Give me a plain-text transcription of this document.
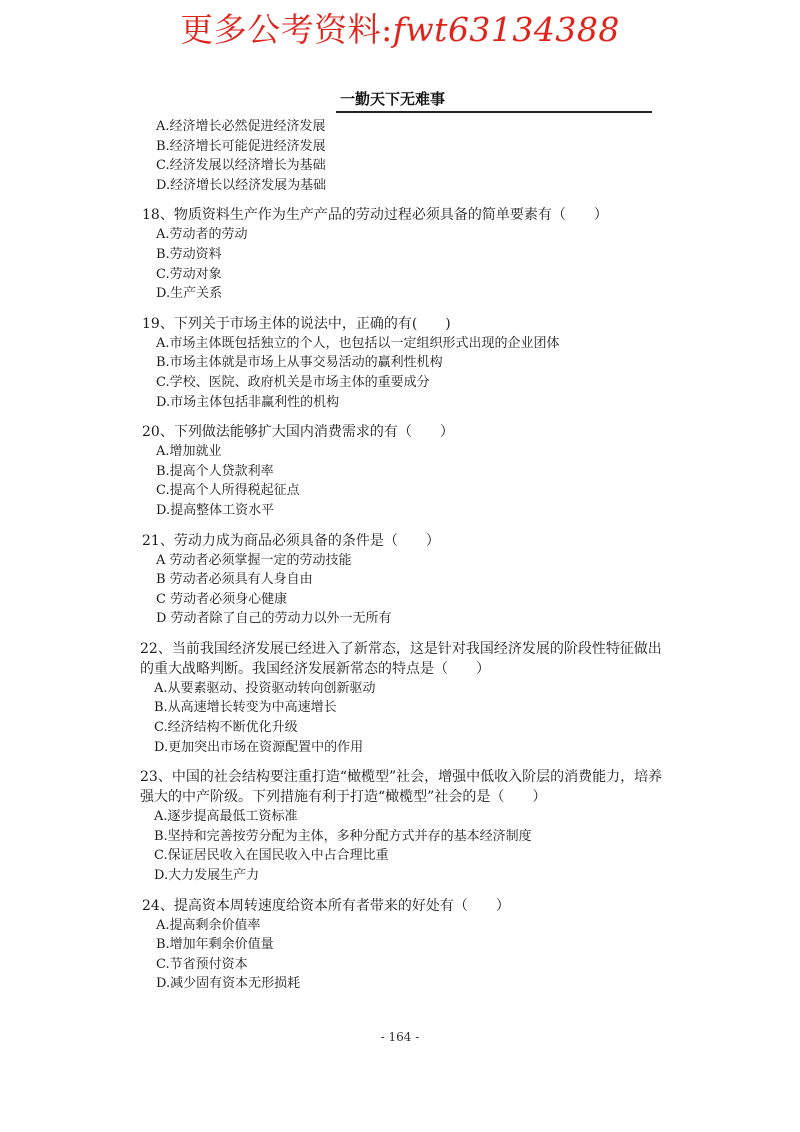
更多公考资料:fwt63134388
一勤天下无难事
A.经济增长必然促进经济发展
B.经济增长可能促进经济发展
C.经济发展以经济增长为基础
D.经济增长以经济发展为基础
18、物质资料生产作为生产产品的劳动过程必须具备的简单要素有（　　）
A.劳动者的劳动
B.劳动资料
C.劳动对象
D.生产关系
19、下列关于市场主体的说法中，正确的有(　　)
A.市场主体既包括独立的个人，也包括以一定组织形式出现的企业团体
B.市场主体就是市场上从事交易活动的赢利性机构
C.学校、医院、政府机关是市场主体的重要成分
D.市场主体包括非赢利性的机构
20、下列做法能够扩大国内消费需求的有（　　）
A.增加就业
B.提高个人贷款利率
C.提高个人所得税起征点
D.提高整体工资水平
21、劳动力成为商品必须具备的条件是（　　）
A 劳动者必须掌握一定的劳动技能
B 劳动者必须具有人身自由
C 劳动者必须身心健康
D 劳动者除了自己的劳动力以外一无所有
22、当前我国经济发展已经进入了新常态，这是针对我国经济发展的阶段性特征做出的重大战略判断。我国经济发展新常态的特点是（　　）
A.从要素驱动、投资驱动转向创新驱动
B.从高速增长转变为中高速增长
C.经济结构不断优化升级
D.更加突出市场在资源配置中的作用
23、中国的社会结构要注重打造“橄榄型”社会，增强中低收入阶层的消费能力，培养强大的中产阶级。下列措施有利于打造“橄榄型”社会的是（　　）
A.逐步提高最低工资标准
B.坚持和完善按劳分配为主体，多种分配方式并存的基本经济制度
C.保证居民收入在国民收入中占合理比重
D.大力发展生产力
24、提高资本周转速度给资本所有者带来的好处有（　　）
A.提高剩余价值率
B.增加年剩余价值量
C.节省预付资本
D.减少固有资本无形损耗
- 164 -
